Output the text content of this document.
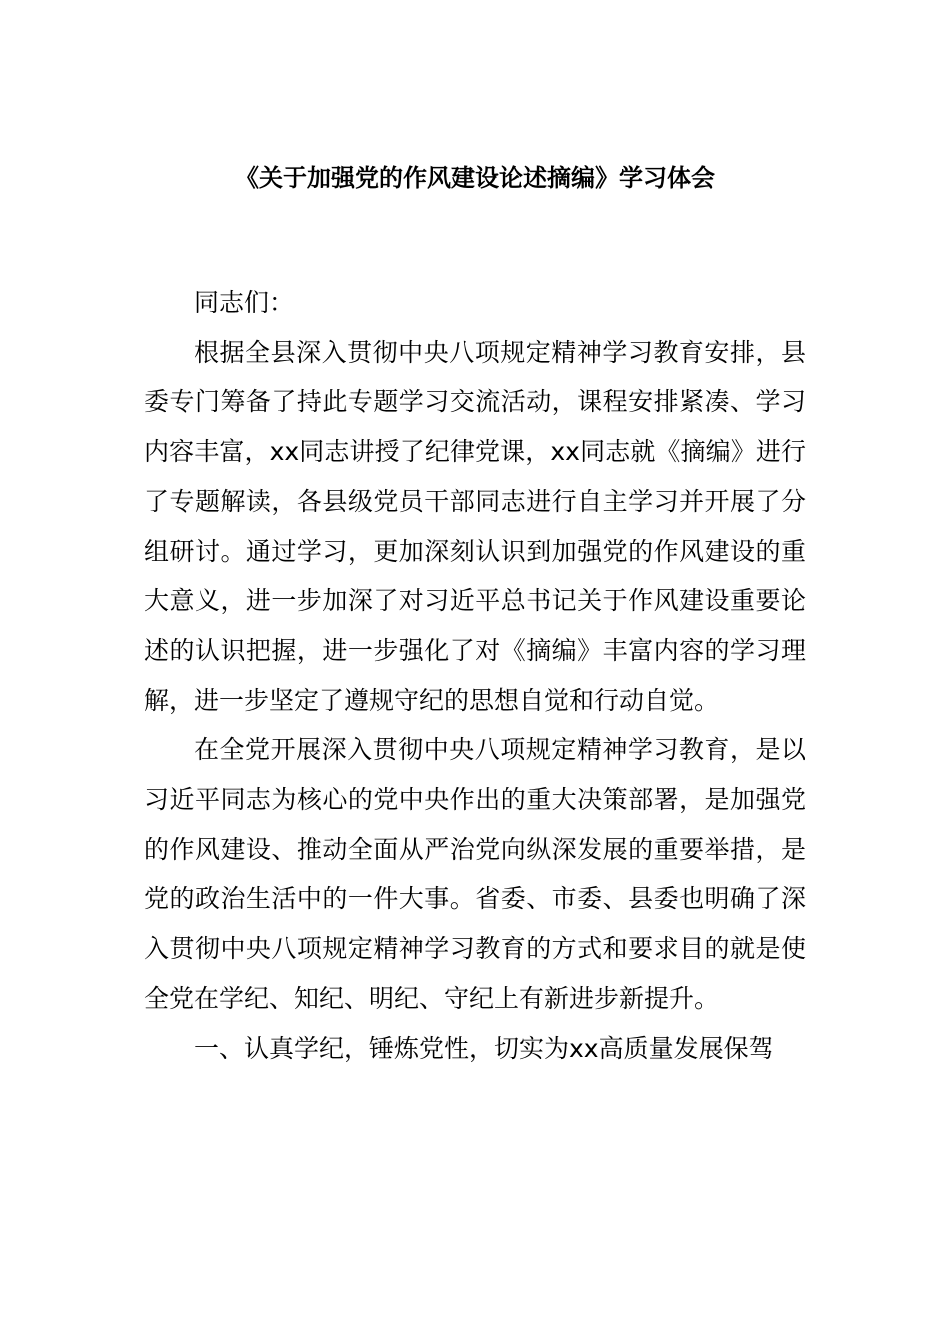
《关于加强党的作风建设论述摘编》学习体会

同志们：

根据全县深入贯彻中央八项规定精神学习教育安排，县委专门筹备了持此专题学习交流活动，课程安排紧凑、学习内容丰富，xx同志讲授了纪律党课，xx同志就《摘编》进行了专题解读，各县级党员干部同志进行自主学习并开展了分组研讨。通过学习，更加深刻认识到加强党的作风建设的重大意义，进一步加深了对习近平总书记关于作风建设重要论述的认识把握，进一步强化了对《摘编》丰富内容的学习理解，进一步坚定了遵规守纪的思想自觉和行动自觉。

在全党开展深入贯彻中央八项规定精神学习教育，是以习近平同志为核心的党中央作出的重大决策部署，是加强党的作风建设、推动全面从严治党向纵深发展的重要举措，是党的政治生活中的一件大事。省委、市委、县委也明确了深入贯彻中央八项规定精神学习教育的方式和要求目的就是使全党在学纪、知纪、明纪、守纪上有新进步新提升。

一、认真学纪，锤炼党性，切实为xx高质量发展保驾
